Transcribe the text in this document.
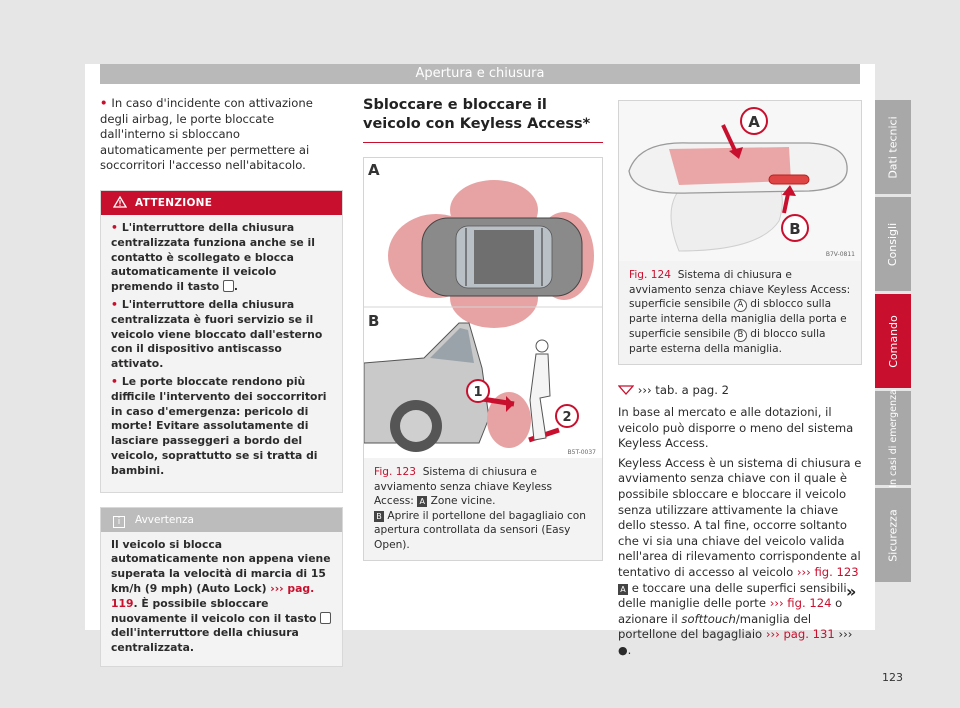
Apertura e chiusura

• In caso d'incidente con attivazione degli airbag, le porte bloccate dall'interno si sbloccano automaticamente per permettere ai soccorritori l'accesso nell'abitacolo.

ATTENZIONE

• L'interruttore della chiusura centralizzata funziona anche se il contatto è scollegato e blocca automaticamente il veicolo premendo il tasto .

• L'interruttore della chiusura centralizzata è fuori servizio se il veicolo viene bloccato dall'esterno con il dispositivo antiscasso attivato.

• Le porte bloccate rendono più difficile l'intervento dei soccorritori in caso d'emergenza: pericolo di morte! Evitare assolutamente di lasciare passeggeri a bordo del veicolo, soprattutto se si tratta di bambini.

i Avvertenza
Il veicolo si blocca automaticamente non appena viene superata la velocità di marcia di 15 km/h (9 mph) (Auto Lock) ››› pag. 119. È possibile sbloccare nuovamente il veicolo con il tasto  dell'interruttore della chiusura centralizzata.
Sbloccare e bloccare il veicolo con Keyless Access*
A
B
1
2
B5T-0037
Fig. 123 Sistema di chiusura e avviamento senza chiave Keyless Access: A Zone vicine.
B Aprire il portellone del bagagliaio con apertura controllata da sensori (Easy Open).
A
B
B7V-0811
Fig. 124 Sistema di chiusura e avviamento senza chiave Keyless Access: superficie sensibile A di sblocco sulla parte interna della maniglia della porta e superficie sensibile B di blocco sulla parte esterna della maniglia.

››› tab. a pag. 2

In base al mercato e alle dotazioni, il veicolo può disporre o meno del sistema Keyless Access.

Keyless Access è un sistema di chiusura e avviamento senza chiave con il quale è possibile sbloccare e bloccare il veicolo senza utilizzare attivamente la chiave dello stesso. A tal fine, occorre soltanto che vi sia una chiave del veicolo valida nell'area di rilevamento corrispondente al tentativo di accesso al veicolo ››› fig. 123 A e toccare una delle superfici sensibili delle maniglie delle porte ››› fig. 124 o azionare il softtouch/maniglia del portellone del bagagliaio ››› pag. 131 ››› ●.

»
Dati tecnici
Consigli
Comando
In casi di emergenza
Sicurezza
123
